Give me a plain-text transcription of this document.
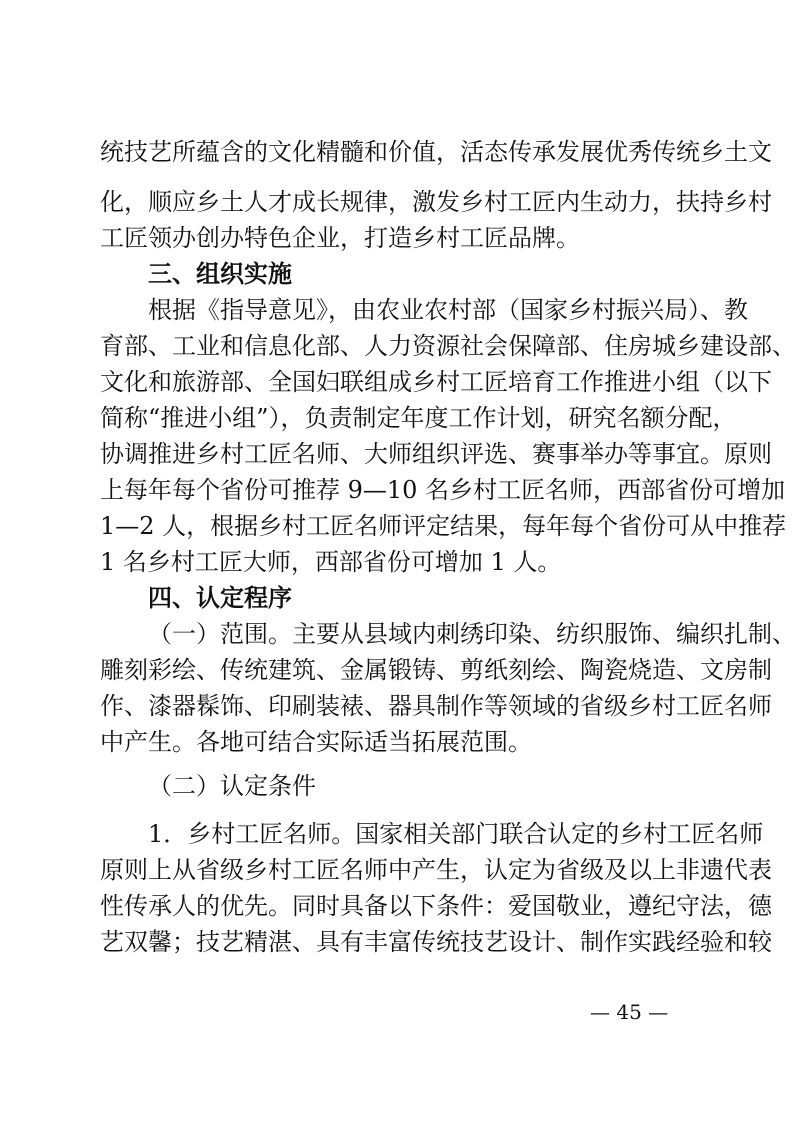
统技艺所蕴含的文化精髓和价值，活态传承发展优秀传统乡土文
化，顺应乡土人才成长规律，激发乡村工匠内生动力，扶持乡村
工匠领办创办特色企业，打造乡村工匠品牌。
三、组织实施
根据《指导意见》，由农业农村部（国家乡村振兴局）、教
育部、工业和信息化部、人力资源社会保障部、住房城乡建设部、
文化和旅游部、全国妇联组成乡村工匠培育工作推进小组（以下
简称“推进小组”），负责制定年度工作计划，研究名额分配，
协调推进乡村工匠名师、大师组织评选、赛事举办等事宜。原则
上每年每个省份可推荐 9—10 名乡村工匠名师，西部省份可增加
1—2 人，根据乡村工匠名师评定结果，每年每个省份可从中推荐
1 名乡村工匠大师，西部省份可增加 1 人。
四、认定程序
（一）范围。主要从县域内刺绣印染、纺织服饰、编织扎制、
雕刻彩绘、传统建筑、金属锻铸、剪纸刻绘、陶瓷烧造、文房制
作、漆器髹饰、印刷装裱、器具制作等领域的省级乡村工匠名师
中产生。各地可结合实际适当拓展范围。
（二）认定条件
1．乡村工匠名师。国家相关部门联合认定的乡村工匠名师
原则上从省级乡村工匠名师中产生，认定为省级及以上非遗代表
性传承人的优先。同时具备以下条件：爱国敬业，遵纪守法，德
艺双馨；技艺精湛、具有丰富传统技艺设计、制作实践经验和较
— 45 —
